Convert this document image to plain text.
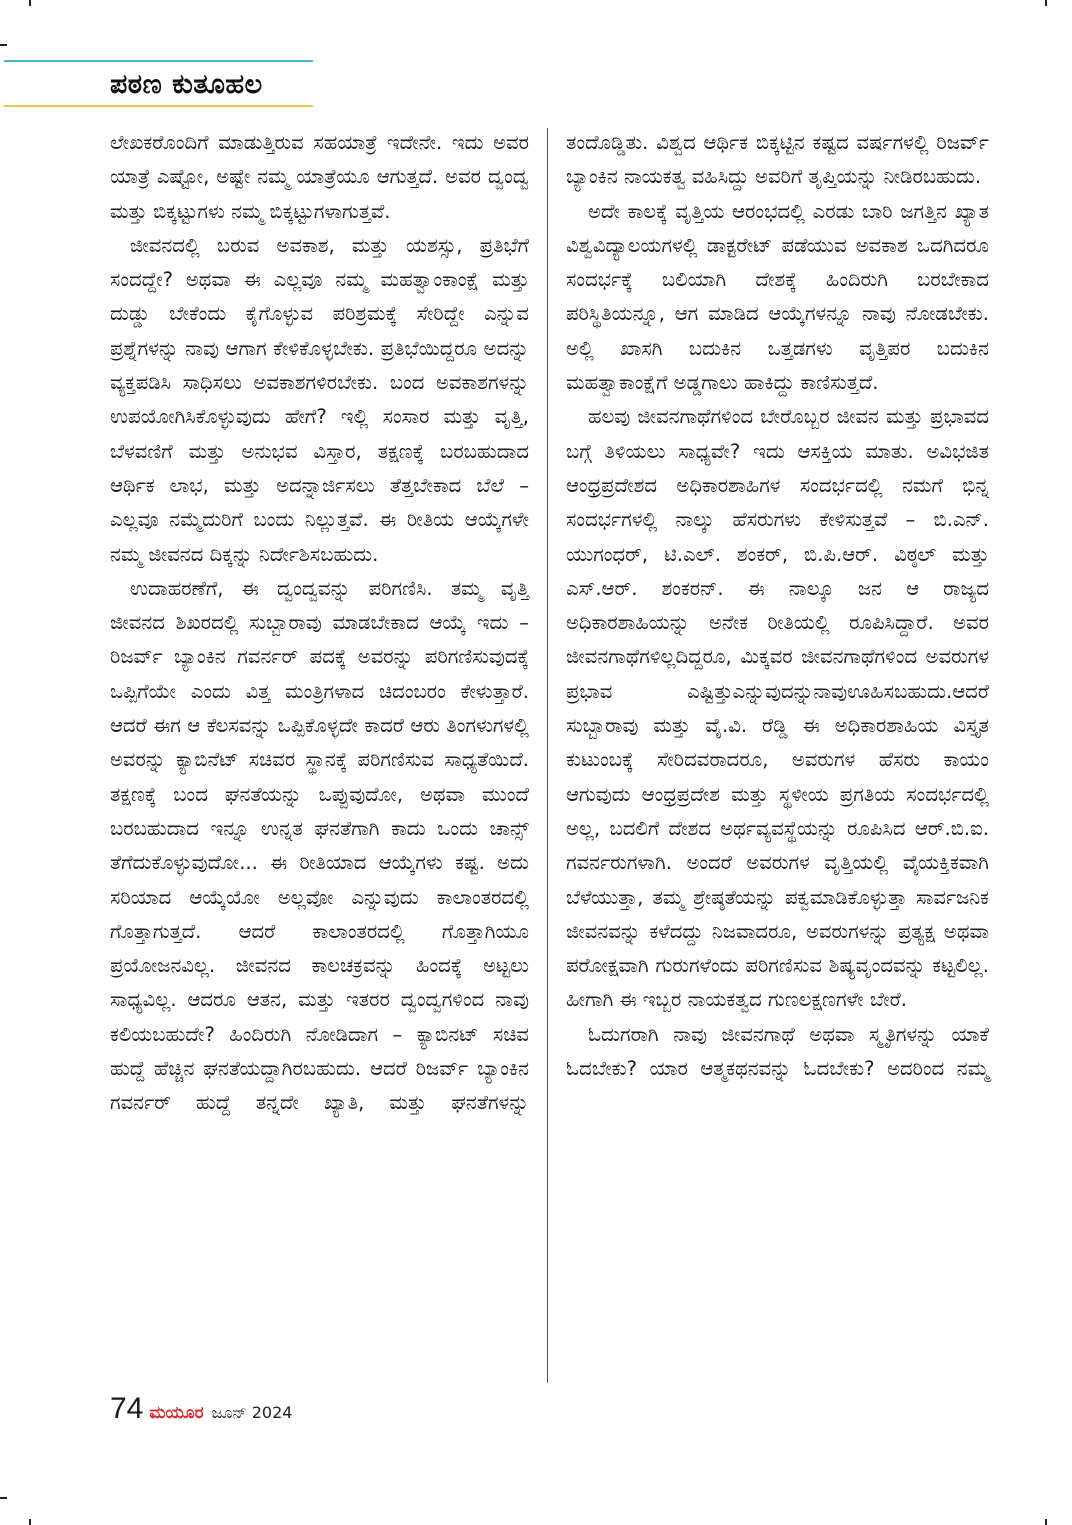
ಪಠಣ ಕುತೂಹಲ

ಲೇಖಕರೊಂದಿಗೆ ಮಾಡುತ್ತಿರುವ ಸಹಯಾತ್ರೆ ಇದೇನೇ. ಇದು ಅವರ ಯಾತ್ರೆ ಎಷ್ಟೋ, ಅಷ್ಟೇ ನಮ್ಮ ಯಾತ್ರೆಯೂ ಆಗುತ್ತದೆ. ಅವರ ದ್ವಂದ್ವ ಮತ್ತು ಬಿಕ್ಕಟ್ಟುಗಳು ನಮ್ಮ ಬಿಕ್ಕಟ್ಟುಗಳಾಗುತ್ತವೆ.

ಜೀವನದಲ್ಲಿ ಬರುವ ಅವಕಾಶ, ಮತ್ತು ಯಶಸ್ಸು, ಪ್ರತಿಭೆಗೆ ಸಂದದ್ದೇ? ಅಥವಾ ಈ ಎಲ್ಲವೂ ನಮ್ಮ ಮಹತ್ವಾಂಕಾಂಕ್ಷೆ ಮತ್ತು ದುಡ್ಡು ಬೇಕೆಂದು ಕೈಗೊಳ್ಳುವ ಪರಿಶ್ರಮಕ್ಕೆ ಸೇರಿದ್ದೇ ಎನ್ನುವ ಪ್ರಶ್ನೆಗಳನ್ನು ನಾವು ಆಗಾಗ ಕೇಳಿಕೊಳ್ಳಬೇಕು. ಪ್ರತಿಭೆಯಿದ್ದರೂ ಅದನ್ನು ವ್ಯಕ್ತಪಡಿಸಿ ಸಾಧಿಸಲು ಅವಕಾಶಗಳಿರಬೇಕು. ಬಂದ ಅವಕಾಶಗಳನ್ನು ಉಪಯೋಗಿಸಿಕೊಳ್ಳುವುದು ಹೇಗೆ? ಇಲ್ಲಿ ಸಂಸಾರ ಮತ್ತು ವೃತ್ತಿ, ಬೆಳವಣಿಗೆ ಮತ್ತು ಅನುಭವ ವಿಸ್ತಾರ, ತಕ್ಷಣಕ್ಕೆ ಬರಬಹುದಾದ ಆರ್ಥಿಕ ಲಾಭ, ಮತ್ತು ಅದನ್ನಾರ್ಜಿಸಲು ತೆತ್ತಬೇಕಾದ ಬೆಲೆ – ಎಲ್ಲವೂ ನಮ್ಮೆದುರಿಗೆ ಬಂದು ನಿಲ್ಲುತ್ತವೆ. ಈ ರೀತಿಯ ಆಯ್ಕೆಗಳೇ ನಮ್ಮ ಜೀವನದ ದಿಕ್ಕನ್ನು ನಿರ್ದೇಶಿಸಬಹುದು.

ಉದಾಹರಣೆಗೆ, ಈ ದ್ವಂದ್ವವನ್ನು ಪರಿಗಣಿಸಿ. ತಮ್ಮ ವೃತ್ತಿ ಜೀವನದ ಶಿಖರದಲ್ಲಿ ಸುಬ್ಬಾರಾವು ಮಾಡಬೇಕಾದ ಆಯ್ಕೆ ಇದು – ರಿಜರ್ವ್ ಬ್ಯಾಂಕಿನ ಗವರ್ನರ್ ಪದಕ್ಕೆ ಅವರನ್ನು ಪರಿಗಣಿಸುವುದಕ್ಕೆ ಒಪ್ಪಿಗೆಯೇ ಎಂದು ವಿತ್ತ ಮಂತ್ರಿಗಳಾದ ಚಿದಂಬರಂ ಕೇಳುತ್ತಾರೆ. ಆದರೆ ಈಗ ಆ ಕೆಲಸವನ್ನು ಒಪ್ಪಿಕೊಳ್ಳದೇ ಕಾದರೆ ಆರು ತಿಂಗಳುಗಳಲ್ಲಿ ಅವರನ್ನು ಕ್ಯಾಬಿನೆಟ್ ಸಚಿವರ ಸ್ಥಾನಕ್ಕೆ ಪರಿಗಣಿಸುವ ಸಾಧ್ಯತೆಯಿದೆ. ತಕ್ಷಣಕ್ಕೆ ಬಂದ ಘನತೆಯನ್ನು ಒಪ್ಪುವುದೋ, ಅಥವಾ ಮುಂದೆ ಬರಬಹುದಾದ ಇನ್ನೂ ಉನ್ನತ ಘನತೆಗಾಗಿ ಕಾದು ಒಂದು ಚಾನ್ಸ್ ತೆಗೆದುಕೊಳ್ಳುವುದೋ... ಈ ರೀತಿಯಾದ ಆಯ್ಕೆಗಳು ಕಷ್ಟ. ಅದು ಸರಿಯಾದ ಆಯ್ಕೆಯೋ ಅಲ್ಲವೋ ಎನ್ನುವುದು ಕಾಲಾಂತರದಲ್ಲಿ ಗೊತ್ತಾಗುತ್ತದೆ. ಆದರೆ ಕಾಲಾಂತರದಲ್ಲಿ ಗೊತ್ತಾಗಿಯೂ ಪ್ರಯೋಜನವಿಲ್ಲ. ಜೀವನದ ಕಾಲಚಕ್ರವನ್ನು ಹಿಂದಕ್ಕೆ ಅಟ್ಟಲು ಸಾಧ್ಯವಿಲ್ಲ. ಆದರೂ ಆತನ, ಮತ್ತು ಇತರರ ದ್ವಂದ್ವಗಳಿಂದ ನಾವು ಕಲಿಯಬಹುದೇ? ಹಿಂದಿರುಗಿ ನೋಡಿದಾಗ – ಕ್ಯಾಬಿನಟ್ ಸಚಿವ ಹುದ್ದೆ ಹೆಚ್ಚಿನ ಘನತೆಯದ್ದಾಗಿರಬಹುದು. ಆದರೆ ರಿಜರ್ವ್ ಬ್ಯಾಂಕಿನ ಗವರ್ನರ್ ಹುದ್ದೆ ತನ್ನದೇ ಖ್ಯಾತಿ, ಮತ್ತು ಘನತೆಗಳನ್ನು

ತಂದೊಡ್ಡಿತು. ವಿಶ್ವದ ಆರ್ಥಿಕ ಬಿಕ್ಕಟ್ಟಿನ ಕಷ್ಟದ ವರ್ಷಗಳಲ್ಲಿ ರಿಜರ್ವ್ ಬ್ಯಾಂಕಿನ ನಾಯಕತ್ವ ವಹಿಸಿದ್ದು ಅವರಿಗೆ ತೃಪ್ತಿಯನ್ನು ನೀಡಿರಬಹುದು.

ಅದೇ ಕಾಲಕ್ಕೆ ವೃತ್ತಿಯ ಆರಂಭದಲ್ಲಿ ಎರಡು ಬಾರಿ ಜಗತ್ತಿನ ಖ್ಯಾತ ವಿಶ್ವವಿದ್ಯಾಲಯಗಳಲ್ಲಿ ಡಾಕ್ಟರೇಟ್ ಪಡೆಯುವ ಅವಕಾಶ ಒದಗಿದರೂ ಸಂದರ್ಭಕ್ಕೆ ಬಲಿಯಾಗಿ ದೇಶಕ್ಕೆ ಹಿಂದಿರುಗಿ ಬರಬೇಕಾದ ಪರಿಸ್ಥಿತಿಯನ್ನೂ, ಆಗ ಮಾಡಿದ ಆಯ್ಕೆಗಳನ್ನೂ ನಾವು ನೋಡಬೇಕು. ಅಲ್ಲಿ ಖಾಸಗಿ ಬದುಕಿನ ಒತ್ತಡಗಳು ವೃತ್ತಿಪರ ಬದುಕಿನ ಮಹತ್ವಾಕಾಂಕ್ಷೆಗೆ ಅಡ್ಡಗಾಲು ಹಾಕಿದ್ದು ಕಾಣಿಸುತ್ತದೆ.

ಹಲವು ಜೀವನಗಾಥೆಗಳಿಂದ ಬೇರೊಬ್ಬರ ಜೀವನ ಮತ್ತು ಪ್ರಭಾವದ ಬಗ್ಗೆ ತಿಳಿಯಲು ಸಾಧ್ಯವೇ? ಇದು ಆಸಕ್ತಿಯ ಮಾತು. ಅವಿಭಜಿತ ಆಂಧ್ರಪ್ರದೇಶದ ಅಧಿಕಾರಶಾಹಿಗಳ ಸಂದರ್ಭದಲ್ಲಿ ನಮಗೆ ಭಿನ್ನ ಸಂದರ್ಭಗಳಲ್ಲಿ ನಾಲ್ಕು ಹೆಸರುಗಳು ಕೇಳಿಸುತ್ತವೆ – ಬಿ.ಎನ್. ಯುಗಂಧರ್, ಟಿ.ಎಲ್. ಶಂಕರ್, ಬಿ.ಪಿ.ಆರ್. ವಿಠ್ಠಲ್ ಮತ್ತು ಎಸ್.ಆರ್. ಶಂಕರನ್. ಈ ನಾಲ್ಕೂ ಜನ ಆ ರಾಜ್ಯದ ಅಧಿಕಾರಶಾಹಿಯನ್ನು ಅನೇಕ ರೀತಿಯಲ್ಲಿ ರೂಪಿಸಿದ್ದಾರೆ. ಅವರ ಜೀವನಗಾಥೆಗಳಿಲ್ಲದಿದ್ದರೂ, ಮಿಕ್ಕವರ ಜೀವನಗಾಥೆಗಳಿಂದ ಅವರುಗಳ ಪ್ರಭಾವ ಎಷ್ಟಿತ್ತುಎನ್ನುವುದನ್ನುನಾವುಊಹಿಸಬಹುದು.ಆದರೆ ಸುಬ್ಬಾರಾವು ಮತ್ತು ವೈ.ವಿ. ರೆಡ್ಡಿ ಈ ಅಧಿಕಾರಶಾಹಿಯ ವಿಸ್ತೃತ ಕುಟುಂಬಕ್ಕೆ ಸೇರಿದವರಾದರೂ, ಅವರುಗಳ ಹೆಸರು ಕಾಯಂ ಆಗುವುದು ಆಂಧ್ರಪ್ರದೇಶ ಮತ್ತು ಸ್ಥಳೀಯ ಪ್ರಗತಿಯ ಸಂದರ್ಭದಲ್ಲಿ ಅಲ್ಲ, ಬದಲಿಗೆ ದೇಶದ ಅರ್ಥವ್ಯವಸ್ಥೆಯನ್ನು ರೂಪಿಸಿದ ಆರ್.ಬಿ.ಐ. ಗವರ್ನರುಗಳಾಗಿ. ಅಂದರೆ ಅವರುಗಳ ವೃತ್ತಿಯಲ್ಲಿ ವೈಯಕ್ತಿಕವಾಗಿ ಬೆಳೆಯುತ್ತಾ, ತಮ್ಮ ಶ್ರೇಷ್ಠತೆಯನ್ನು ಪಕ್ವಮಾಡಿಕೊಳ್ಳುತ್ತಾ ಸಾರ್ವಜನಿಕ ಜೀವನವನ್ನು ಕಳೆದದ್ದು ನಿಜವಾದರೂ, ಅವರುಗಳನ್ನು ಪ್ರತ್ಯಕ್ಷ ಅಥವಾ ಪರೋಕ್ಷವಾಗಿ ಗುರುಗಳೆಂದು ಪರಿಗಣಿಸುವ ಶಿಷ್ಯವೃಂದವನ್ನು ಕಟ್ಟಲಿಲ್ಲ. ಹೀಗಾಗಿ ಈ ಇಬ್ಬರ ನಾಯಕತ್ವದ ಗುಣಲಕ್ಷಣಗಳೇ ಬೇರೆ.

ಓದುಗರಾಗಿ ನಾವು ಜೀವನಗಾಥೆ ಅಥವಾ ಸ್ಮೃತಿಗಳನ್ನು ಯಾಕೆ ಓದಬೇಕು? ಯಾರ ಆತ್ಮಕಥನವನ್ನು ಓದಬೇಕು? ಅದರಿಂದ ನಮ್ಮ

74 ಮಯೂರ ಜೂನ್ 2024
